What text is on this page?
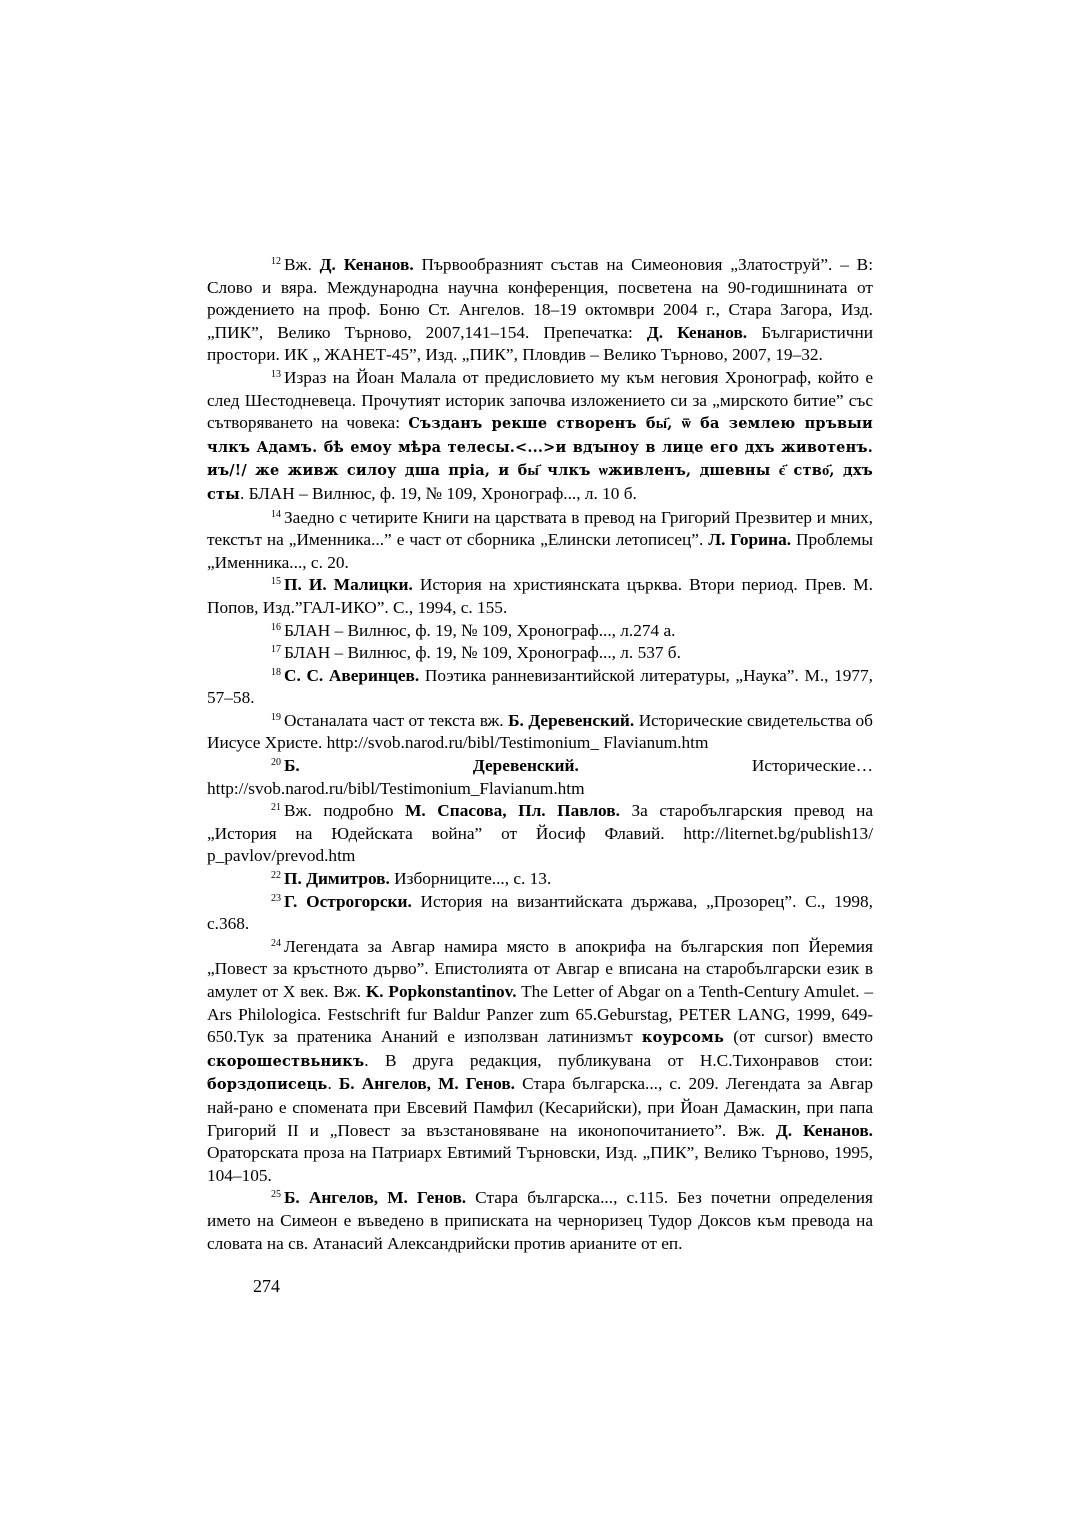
$^{12}$ Вж. Д. Кенанов. Първообразният състав на Симеоновия „Златоструй”. – В: Слово и вяра. Международна научна конференция, посветена на 90-годишнината от рождението на проф. Боню Ст. Ангелов. 18–19 октомври 2004 г., Стара Загора, Изд. „ПИК”, Велико Търново, 2007,141–154. Препечатка: Д. Кенанов. Българистични простори. ИК „ ЖАНЕТ-45”, Изд. „ПИК”, Пловдив – Велико Търново, 2007, 19–32.

$^{13}$ Израз на Йоан Малала от предисловието му към неговия Хронограф, който е след Шестодневеца. Прочутият историк започва изложението си за „мирското битие” със сътворяването на човека: Създанъ рекше створенъ бы҃, ѿ ба землею пръвыи члкъ Адамъ. бѣ емоу мѣра телесы.<...>и вдꙑноу в лице его дхъ животенъ. иъ/!/ же живж силоу дша пріа, и бы҃ члкъ ѡживленъ, дшевны є҃ ство҃, дхъ сты. БЛАН – Вилнюс, ф. 19, № 109, Хронограф..., л. 10 б.

$^{14}$ Заедно с четирите Книги на царствата в превод на Григорий Презвитер и мних, текстът на „Именника...” е част от сборника „Елински летописец”. Л. Горина. Проблемы „Именника..., с. 20.

$^{15}$ П. И. Малицки. История на християнската църква. Втори период. Прев. М. Попов, Изд.”ГАЛ-ИКО”. С., 1994, с. 155.

$^{16}$ БЛАН – Вилнюс, ф. 19, № 109, Хронограф..., л.274 а.

$^{17}$ БЛАН – Вилнюс, ф. 19, № 109, Хронограф..., л. 537 б.

$^{18}$ С. С. Аверинцев. Поэтика ранневизантийской литературы, „Наука”. М., 1977, 57–58.

$^{19}$ Останалата част от текста вж. Б. Деревенский. Исторические свидетельства об Иисусе Христе. http://svob.narod.ru/bibl/Testimonium_ Flavianum.htm

$^{20}$ Б. Деревенский. Исторические… http://svob.narod.ru/bibl/Testimonium_Flavianum.htm

$^{21}$ Вж. подробно М. Спасова, Пл. Павлов. За старобългарския превод на „История на Юдейската война” от Йосиф Флавий. http://liternet.bg/publish13/ p_pavlov/prevod.htm

$^{22}$ П. Димитров. Изборниците..., с. 13.

$^{23}$ Г. Острогорски. История на византийската държава, „Прозорец”. С., 1998, с.368.

$^{24}$ Легендата за Авгар намира място в апокрифа на българския поп Йеремия „Повест за кръстното дърво”. Епистолията от Авгар е вписана на старобългарски език в амулет от Х век. Вж. K. Popkonstantinov. The Letter of Abgar on a Tenth-Century Amulet. – Ars Philologica. Festschrift fur Baldur Panzer zum 65.Geburstag, PETER LANG, 1999, 649-650.Тук за пратеника Ананий е използван латинизмът коурсомь (от cursor) вместо скорошествьникъ. В друга редакция, публикувана от Н.С.Тихонравов стои: борздописець. Б. Ангелов, М. Генов. Стара българска..., с. 209. Легендата за Авгар най-рано е спомената при Евсевий Памфил (Кесарийски), при Йоан Дамаскин, при папа Григорий ІІ и „Повест за възстановяване на иконопочитанието”. Вж. Д. Кенанов. Ораторската проза на Патриарх Евтимий Търновски, Изд. „ПИК”, Велико Търново, 1995, 104–105.

$^{25}$ Б. Ангелов, М. Генов. Стара българска..., с.115. Без почетни определения името на Симеон е въведено в приписката на черноризец Тудор Доксов към превода на словата на св. Атанасий Александрийски против арианите от еп.

274
